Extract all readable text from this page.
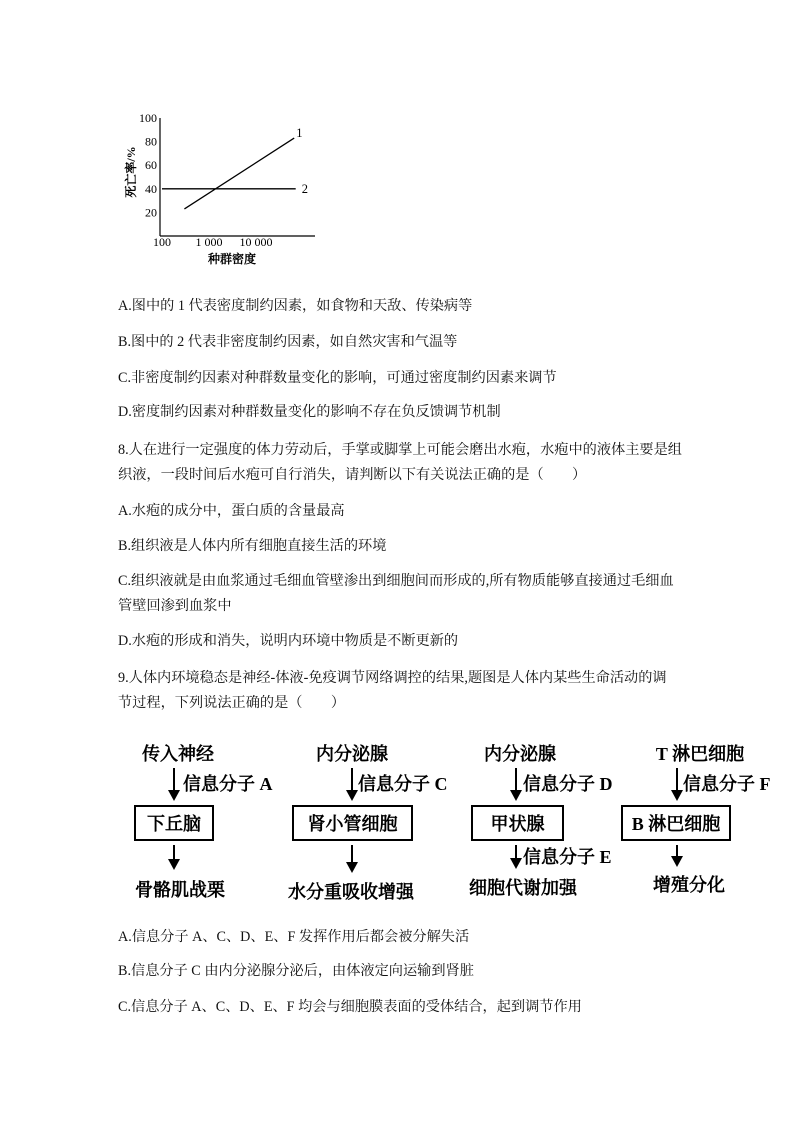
死亡率/%
种群密度
20
40
60
80
100
100 1 000 10 000
1
2
A.图中的 1 代表密度制约因素，如食物和天敌、传染病等
B.图中的 2 代表非密度制约因素，如自然灾害和气温等
C.非密度制约因素对种群数量变化的影响，可通过密度制约因素来调节
D.密度制约因素对种群数量变化的影响不存在负反馈调节机制
8.人在进行一定强度的体力劳动后，手掌或脚掌上可能会磨出水疱，水疱中的液体主要是组
织液，一段时间后水疱可自行消失，请判断以下有关说法正确的是（　　）
A.水疱的成分中，蛋白质的含量最高
B.组织液是人体内所有细胞直接生活的环境
C.组织液就是由血浆通过毛细血管壁渗出到细胞间而形成的,所有物质能够直接通过毛细血
管壁回渗到血浆中
D.水疱的形成和消失，说明内环境中物质是不断更新的
9.人体内环境稳态是神经-体液-免疫调节网络调控的结果,题图是人体内某些生命活动的调
节过程，下列说法正确的是（　　）
传入神经
信息分子 A
下丘脑
骨骼肌战栗
内分泌腺
信息分子 C
肾小管细胞
水分重吸收增强
内分泌腺
信息分子 D
甲状腺
信息分子 E
细胞代谢加强
T 淋巴细胞
信息分子 F
B 淋巴细胞
增殖分化
A.信息分子 A、C、D、E、F 发挥作用后都会被分解失活
B.信息分子 C 由内分泌腺分泌后，由体液定向运输到肾脏
C.信息分子 A、C、D、E、F 均会与细胞膜表面的受体结合，起到调节作用
